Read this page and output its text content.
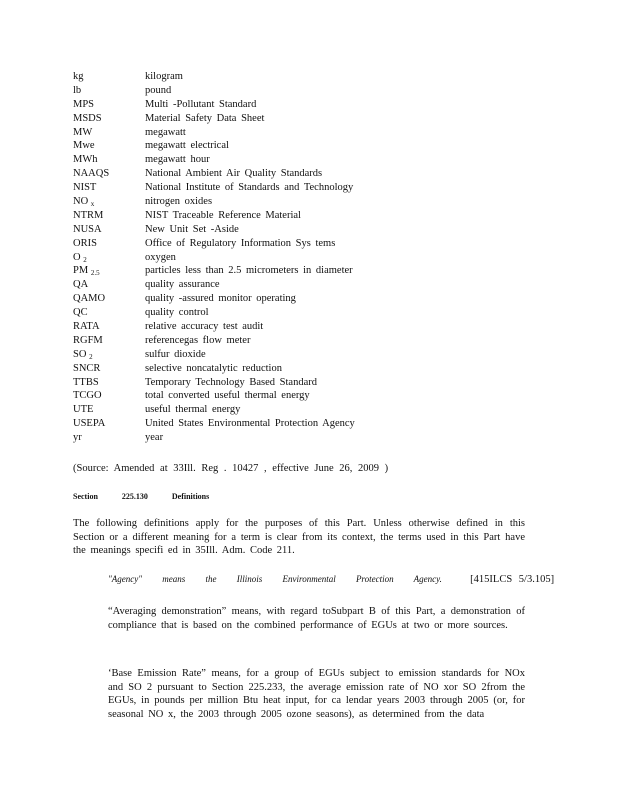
kg	kilogram
lb	pound
MPS	Multi -Pollutant Standard
MSDS	Material Safety Data Sheet
MW	megawatt
Mwe	megawatt electrical
MWh	megawatt hour
NAAQS	National Ambient Air Quality Standards
NIST	National Institute of Standards and Technology
NO $_x$	nitrogen oxides
NTRM	NIST Traceable Reference Material
NUSA	New Unit Set -Aside
ORIS	Office of Regulatory Information Sys tems
O $_2$	oxygen
PM $_{2.5}$	particles less than 2.5 micrometers in diameter
QA	quality assurance
QAMO	quality -assured monitor operating
QC	quality control
RATA	relative accuracy test audit
RGFM	referencegas flow meter
SO $_2$	sulfur dioxide
SNCR	selective noncatalytic reduction
TTBS	Temporary Technology Based Standard
TCGO	total converted useful thermal energy
UTE	useful thermal energy
USEPA	United States Environmental Protection Agency
yr	year
(Source: Amended at 33Ill. Reg . 10427 , effective June 26, 2009 )
Section	225.130	Definitions
The following definitions apply for the purposes of this Part. Unless otherwise defined in this Section or a different meaning for a term is clear from its context, the terms used in this Part have the meanings specifi ed in 35Ill. Adm. Code 211.
"Agency" means the Illinois Environmental Protection Agency.	[415ILCS 5/3.105]
“Averaging demonstration” means, with regard toSubpart B of this Part, a demonstration of compliance that is based on the combined performance of EGUs at two or more sources.
‘Base Emission Rate” means, for a group of EGUs subject to emission standards for NOx and SO 2 pursuant to Section 225.233, the average emission rate of NO xor SO 2from the EGUs, in pounds per million Btu heat input, for ca lendar years 2003 through 2005 (or, for seasonal NO x, the 2003 through 2005 ozone seasons), as determined from the data
